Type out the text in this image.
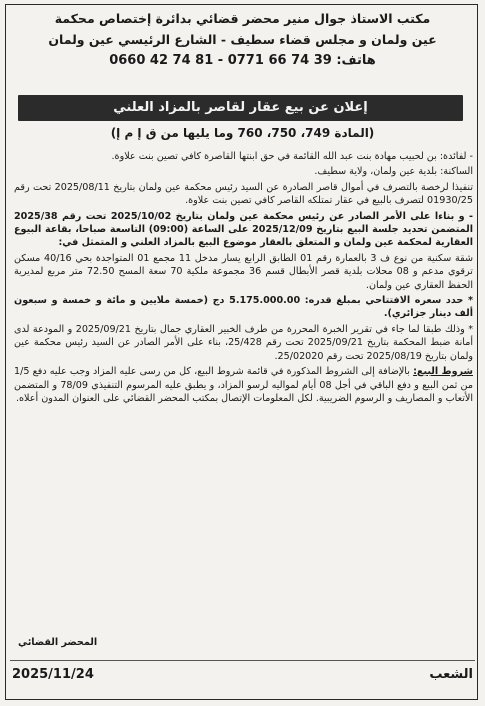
مكتب الاستاذ جوال منير محضر قضائي بدائرة إختصاص محكمة
عين ولمان و مجلس قضاء سطيف - الشارع الرئيسي عين ولمان
هاتف: 39 74 66 0771 - 81 74 42 0660
إعلان عن بيع عقار لقاصر بالمزاد العلني
(المادة 749، 750، 760 وما يليها من ق إ م إ)

- لفائدة: بن لحبيب مهادة بنت عبد الله القائمة في حق ابنتها القاصرة كافي تصين بنت علاوة.

الساكنة: بلدية عين ولمان، ولاية سطيف.

تنفيذا لرخصة بالتصرف في أموال قاصر الصادرة عن السيد رئيس محكمة عين ولمان بتاريخ 2025/08/11 تحت رقم 01930/25 لتصرف بالبيع في عقار تمتلكه القاصر كافي تصين بنت علاوة.

- و بناءا على الأمر الصادر عن رئيس محكمة عين ولمان بتاريخ 2025/10/02 تحت رقم 2025/38 المتضمن تحديد جلسة البيع بتاريخ 2025/12/09 على الساعة (09:00) التاسعة صباحا، بقاعة البيوع العقارية لمحكمة عين ولمان و المتعلق بالعقار موضوع البيع بالمزاد العلني و المتمثل في:

شقة سكنية من نوع ف 3 بالعمارة رقم 01 الطابق الرابع يسار مدخل 11 مجمع 01 المتواجدة بحي 40/16 مسكن ترقوي مدعم و 08 محلات بلدية قصر الأبطال قسم 36 مجموعة ملكية 70 سعة المسح 72.50 متر مربع لمديرية الحفظ العقاري عين ولمان.

* حدد سعره الافتتاحي بمبلغ قدره: 5.175.000.00 دج (خمسة ملايين و مائة و خمسة و سبعون ألف دينار جزائري).

* وذلك طبقا لما جاء في تقرير الخبرة المحررة من طرف الخبير العقاري جمال بتاريخ 2025/09/21 و المودعة لدى أمانة ضبط المحكمة بتاريخ 2025/09/21 تحت رقم 25/428، بناء على الأمر الصادر عن السيد رئيس محكمة عين ولمان بتاريخ 2025/08/19 تحت رقم 25/02020.

شروط البيع: بالإضافة إلى الشروط المذكورة في قائمة شروط البيع، كل من رسى عليه المزاد وجب عليه دفع 1/5 من ثمن البيع و دفع الباقي في أجل 08 أيام لمواليه لرسو المزاد، و يطبق عليه المرسوم التنفيذي 78/09 و المتضمن الأتعاب و المصاريف و الرسوم الضريبية. لكل المعلومات الإتصال بمكتب المحضر القضائي على العنوان المدون أعلاه.

المحضر القضائي
الشعب
2025/11/24
